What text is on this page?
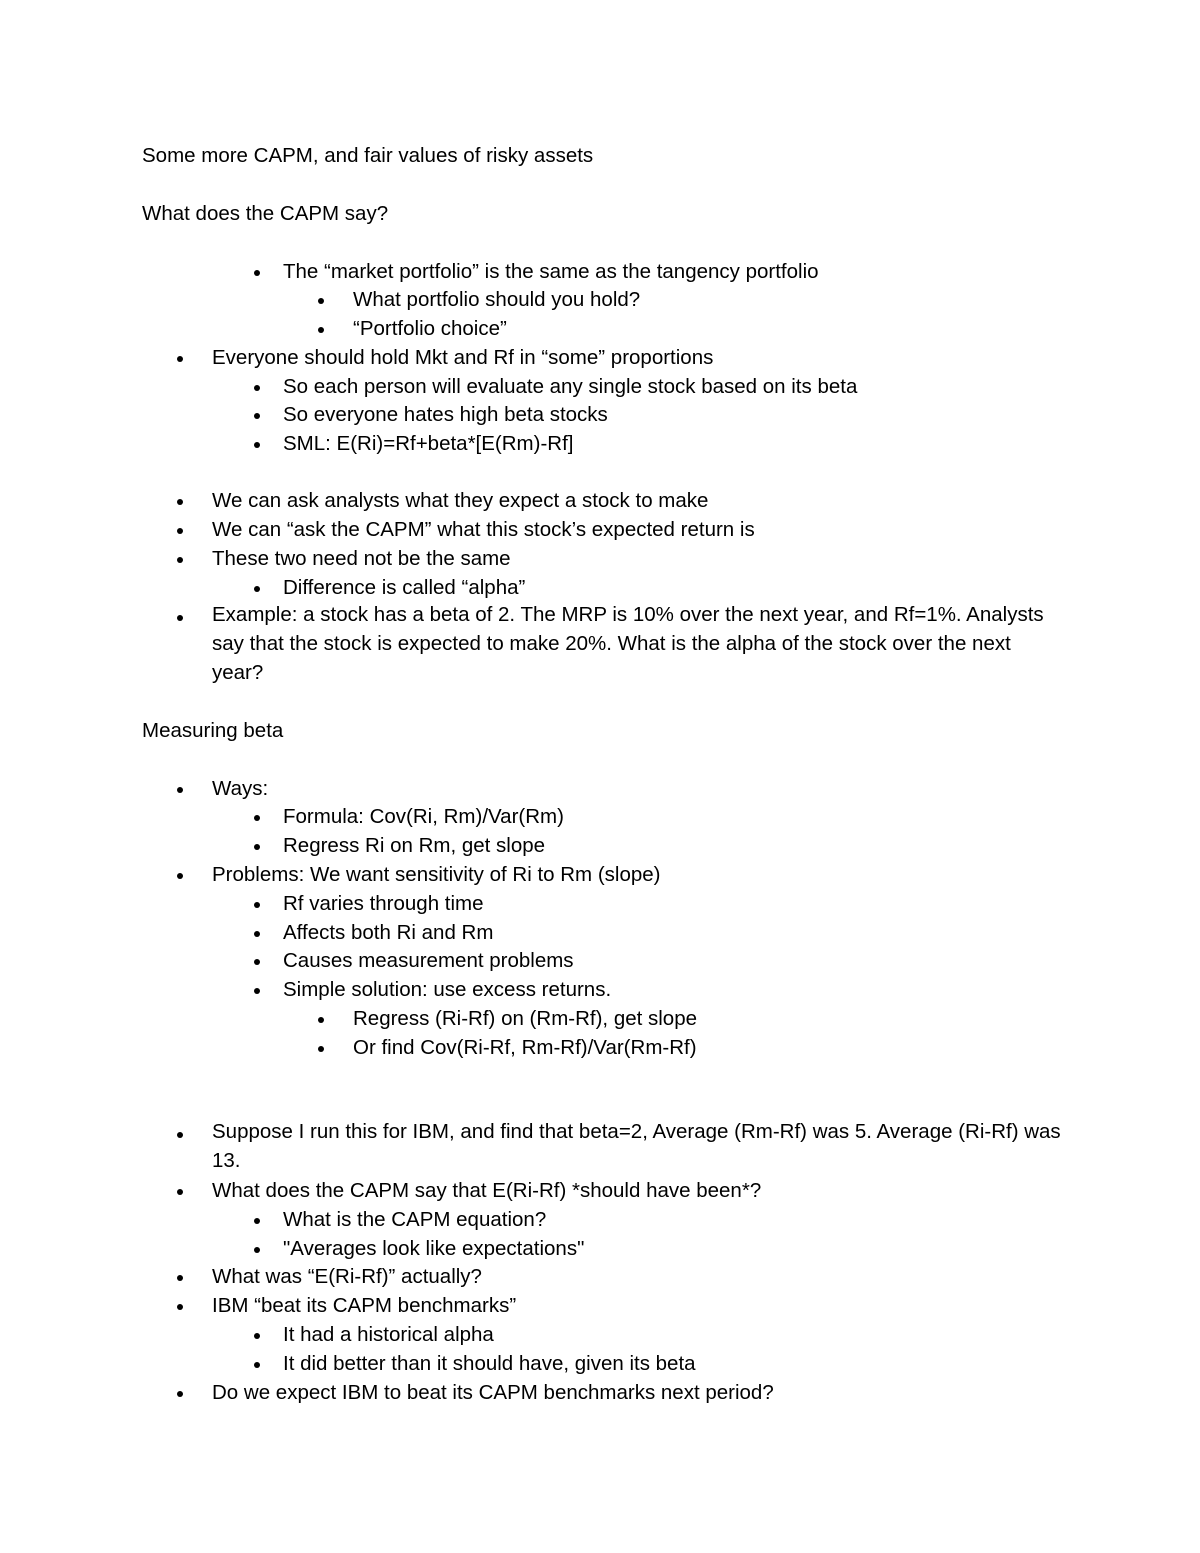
Some more CAPM, and fair values of risky assets
What does the CAPM say?
The “market portfolio” is the same as the tangency portfolio
What portfolio should you hold?
“Portfolio choice”
Everyone should hold Mkt and Rf in “some” proportions
So each person will evaluate any single stock based on its beta
So everyone hates high beta stocks
SML: E(Ri)=Rf+beta*[E(Rm)-Rf]
We can ask analysts what they expect a stock to make
We can “ask the CAPM” what this stock’s expected return is
These two need not be the same
Difference is called “alpha”
Example: a stock has a beta of 2. The MRP is 10% over the next year, and Rf=1%. Analysts say that the stock is expected to make 20%. What is the alpha of the stock over the next year?
Measuring beta
Ways:
Formula: Cov(Ri, Rm)/Var(Rm)
Regress Ri on Rm, get slope
Problems: We want sensitivity of Ri to Rm (slope)
Rf varies through time
Affects both Ri and Rm
Causes measurement problems
Simple solution: use excess returns.
Regress (Ri-Rf) on (Rm-Rf), get slope
Or find Cov(Ri-Rf, Rm-Rf)/Var(Rm-Rf)
Suppose I run this for IBM, and find that beta=2, Average (Rm-Rf) was 5. Average (Ri-Rf) was 13.
What does the CAPM say that E(Ri-Rf) *should have been*?
What is the CAPM equation?
"Averages look like expectations"
What was “E(Ri-Rf)” actually?
IBM “beat its CAPM benchmarks”
It had a historical alpha
It did better than it should have, given its beta
Do we expect IBM to beat its CAPM benchmarks next period?
